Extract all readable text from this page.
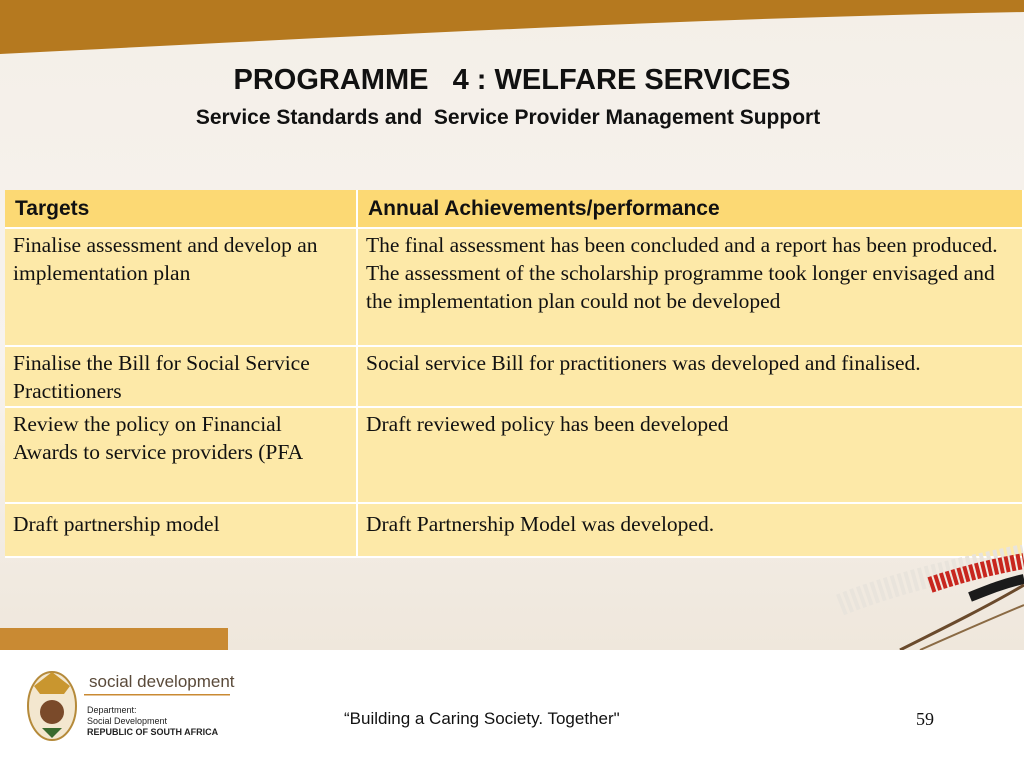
PROGRAMME   4 : WELFARE SERVICES
Service Standards and  Service Provider Management Support
Targets	Annual Achievements/performance
Finalise assessment and develop an implementation plan	The final assessment has been concluded and a report has been produced.
The assessment of the scholarship programme took longer envisaged and the implementation plan could not be developed

Finalise the Bill for Social Service Practitioners	Social service Bill for practitioners was developed and finalised.

Review the policy on Financial Awards to service providers (PFA	Draft reviewed policy has been developed

Draft partnership model	Draft Partnership Model was developed.
social development
Department:
Social Development
REPUBLIC OF SOUTH AFRICA
“Building a Caring Society. Together"	59
